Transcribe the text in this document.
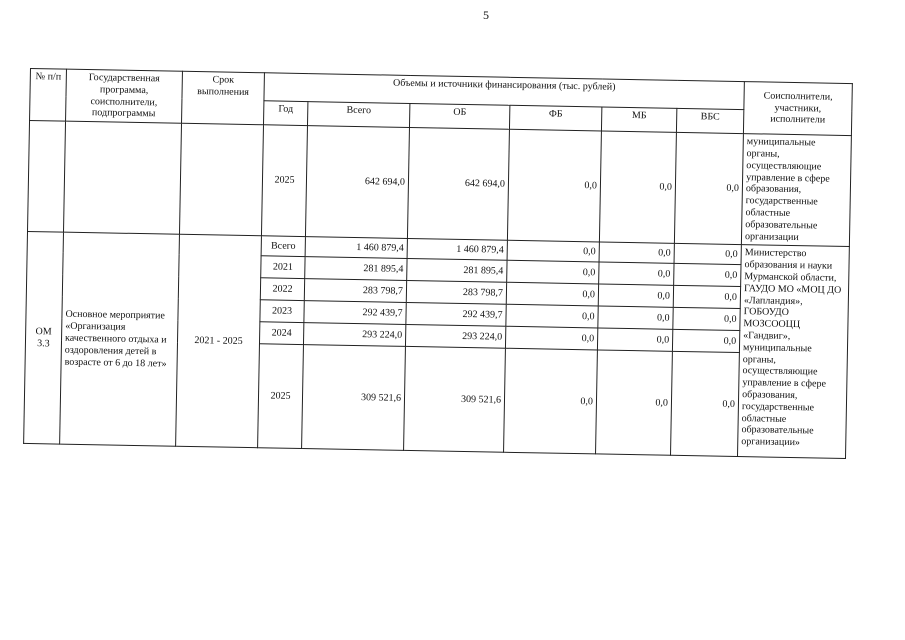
5
№ п/п	Государственная программа, соисполнители, подпрограммы	Срок выполнения	Объемы и источники финансирования (тыс. рублей)						Соисполнители, участники, исполнители
			Год	Всего	ОБ	ФБ	МБ	ВБС	
			2025	642 694,0	642 694,0	0,0	0,0	0,0	муниципальные органы, осуществляющие управление в сфере образования, государственные областные образовательные организации
ОМ 3.3	Основное мероприятие «Организация качественного отдыха и оздоровления детей в возрасте от 6 до 18 лет»	2021 - 2025	Всего	1 460 879,4	1 460 879,4	0,0	0,0	0,0	Министерство образования и науки Мурманской области, ГАУДО МО «МОЦ ДО «Лапландия», ГОБОУДО МОЗСООЦЦ «Гандвиг», муниципальные органы, осуществляющие управление в сфере образования, государственные областные образовательные организации»
			2021	281 895,4	281 895,4	0,0	0,0	0,0	
			2022	283 798,7	283 798,7	0,0	0,0	0,0	
			2023	292 439,7	292 439,7	0,0	0,0	0,0	
			2024	293 224,0	293 224,0	0,0	0,0	0,0	
			2025	309 521,6	309 521,6	0,0	0,0	0,0	
